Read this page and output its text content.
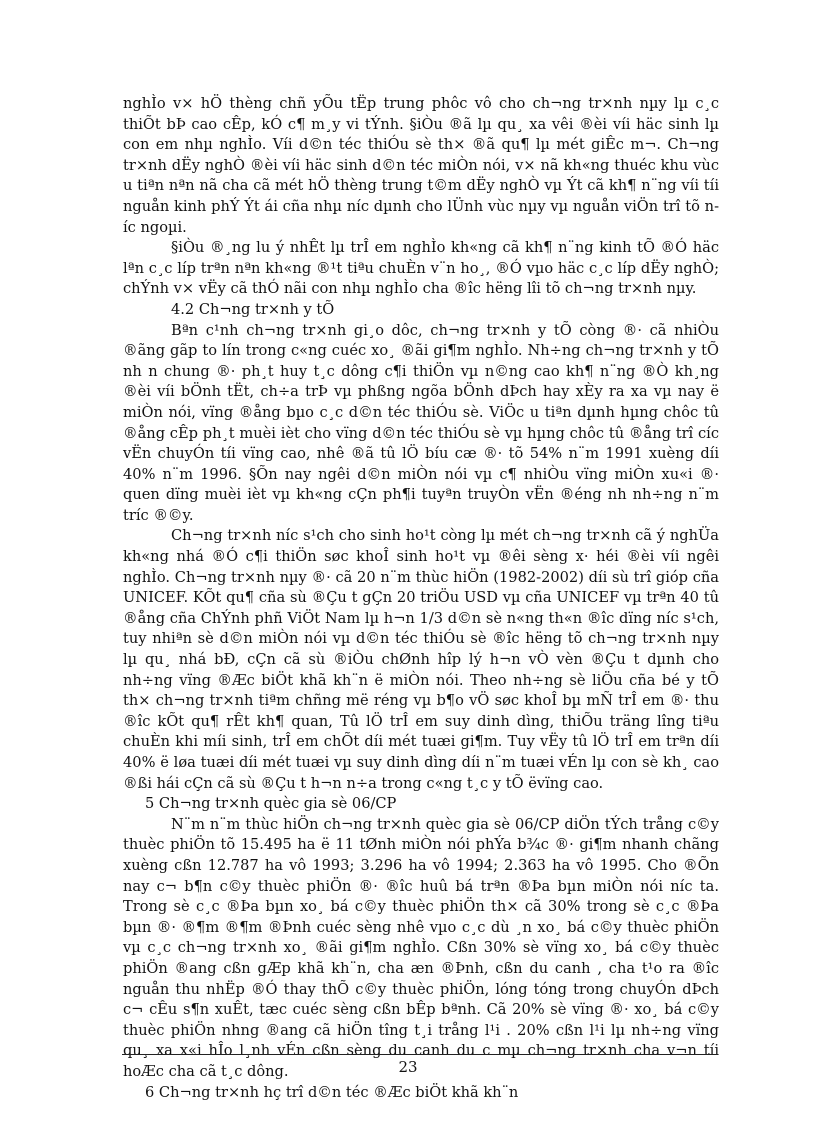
nghÌo v× hÖ thèng chñ yÕu tËp trung phôc vô cho ch¬ng tr×nh nµy lµ c¸c thiÕt bÞ cao cÊp, kÓ c¶ m¸y vi tÝnh. §iÒu ®ã lµ qu¸ xa vêi ®èi víi häc sinh lµ con em nhµ nghÌo. Víi d©n téc thiÓu sè th× ®ã qu¶ lµ mét giÊc m¬. Ch¬ng tr×nh dËy nghÒ ®èi víi häc sinh d©n téc miÒn nói, v× nã kh«ng thuéc khu vùc u tiªn nªn nã cha cã mét hÖ thèng trung t©m dËy nghÒ vµ Ýt cã kh¶ n¨ng víi tíi nguån kinh phÝ Ýt ái cña nhµ níc dµnh cho lÜnh vùc nµy vµ nguån viÖn trî tõ níc ngoµi.

§iÒu ®¸ng lu ý nhÊt lµ trÎ em nghÌo kh«ng cã kh¶ n¨ng kinh tÕ ®Ó häc lªn c¸c líp trªn nªn kh«ng ®¹t tiªu chuÈn v¨n ho¸, ®Ó vµo häc c¸c líp dËy nghÒ; chÝnh v× vËy cã thÓ nãi con nhµ nghÌo cha ®îc hëng lîi tõ ch¬ng tr×nh nµy.

4.2 Ch¬ng tr×nh y tÕ

Bªn c¹nh ch¬ng tr×nh gi¸o dôc, ch¬ng tr×nh y tÕ còng ®· cã nhiÒu ®ãng gãp to lín trong c«ng cuéc xo¸ ®ãi gi¶m nghÌo. Nh÷ng ch¬ng tr×nh y tÕ nh n chung ®· ph¸t huy t¸c dông c¶i thiÖn vµ n©ng cao kh¶ n¨ng ®Ò kh¸ng ®èi víi bÖnh tËt, ch÷a trÞ vµ phßng ngõa bÖnh dÞch hay xÈy ra xa vµ nay ë miÒn nói, vïng ®ång bµo c¸c d©n téc thiÓu sè. ViÖc u tiªn dµnh hµng chôc tû ®ång cÊp ph¸t muèi ièt cho vïng d©n téc thiÓu sè vµ hµng chôc tû ®ång trî cíc vËn chuyÓn tíi vïng cao, nhê ®ã tû lÖ bíu cæ ®· tõ 54% n¨m 1991 xuèng díi 40% n¨m 1996. §Õn nay ngêi d©n miÒn nói vµ c¶ nhiÒu vïng miÒn xu«i ®· quen dïng muèi ièt vµ kh«ng cÇn ph¶i tuyªn truyÒn vËn ®éng nh nh÷ng n¨m tríc ®©y.

Ch¬ng tr×nh níc s¹ch cho sinh ho¹t còng lµ mét ch¬ng tr×nh cã ý nghÜa kh«ng nhá ®Ó c¶i thiÖn søc khoÎ sinh ho¹t vµ ®êi sèng x· héi ®èi víi ngêi nghÌo. Ch¬ng tr×nh nµy ®· cã 20 n¨m thùc hiÖn (1982-2002) díi sù trî gióp cña UNICEF. KÕt qu¶ cña sù ®Çu t gÇn 20 triÖu USD vµ cña UNICEF vµ trªn 40 tû ®ång cña ChÝnh phñ ViÖt Nam lµ h¬n 1/3 d©n sè n«ng th«n ®îc dïng níc s¹ch, tuy nhiªn sè d©n miÒn nói vµ d©n téc thiÓu sè ®îc hëng tõ ch¬ng tr×nh nµy lµ qu¸ nhá bÐ, cÇn cã sù ®iÒu chØnh hîp lý h¬n vÒ vèn ®Çu t dµnh cho nh÷ng vïng ®Æc biÖt khã kh¨n ë miÒn nói. Theo nh÷ng sè liÖu cña bé y tÕ th× ch¬ng tr×nh tiªm chñng më réng vµ b¶o vÖ søc khoÎ bµ mÑ trÎ em ®· thu ®îc kÕt qu¶ rÊt kh¶ quan, Tû lÖ trÎ em suy dinh dìng, thiÕu träng lîng tiªu chuÈn khi míi sinh, trÎ em chÕt díi mét tuæi gi¶m. Tuy vËy tû lÖ trÎ em trªn díi 40% ë løa tuæi díi mét tuæi vµ suy dinh dìng díi n¨m tuæi vÉn lµ con sè kh¸ cao ®ßi hái cÇn cã sù ®Çu t h¬n n÷a trong c«ng t¸c y tÕ ëvïng cao.

5 Ch¬ng tr×nh quèc gia sè 06/CP

N¨m n¨m thùc hiÖn ch¬ng tr×nh quèc gia sè 06/CP diÖn tÝch trång c©y thuèc phiÖn tõ 15.495 ha ë 11 tØnh miÒn nói phÝa b¾c ®· gi¶m nhanh chãng xuèng cßn 12.787 ha vô 1993; 3.296 ha vô 1994; 2.363 ha vô 1995. Cho ®Õn nay c¬ b¶n c©y thuèc phiÖn ®· ®îc huû bá trªn ®Þa bµn miÒn nói níc ta. Trong sè c¸c ®Þa bµn xo¸ bá c©y thuèc phiÖn th× cã 30% trong sè c¸c ®Þa bµn ®· ®¶m ®¶m ®Þnh cuéc sèng nhê vµo c¸c dù ¸n xo¸ bá c©y thuèc phiÖn vµ c¸c ch¬ng tr×nh xo¸ ®ãi gi¶m nghÌo. Cßn 30% sè vïng xo¸ bá c©y thuèc phiÖn ®ang cßn gÆp khã kh¨n, cha æn ®Þnh, cßn du canh , cha t¹o ra ®îc nguån thu nhËp ®Ó thay thÕ c©y thuèc phiÖn, lóng tóng trong chuyÓn dÞch c¬ cÊu s¶n xuÊt, tæc cuéc sèng cßn bÊp bªnh. Cã 20% sè vïng ®· xo¸ bá c©y thuèc phiÖn nhng ®ang cã hiÖn tîng t¸i trång l¹i . 20% cßn l¹i lµ nh÷ng vïng qu¸ xa x«i hÎo l¸nh vÉn cßn sèng du canh du c mµ ch¬ng tr×nh cha v¬n tíi hoÆc cha cã t¸c dông.

6 Ch¬ng tr×nh hç trî d©n téc ®Æc biÖt khã kh¨n

23
